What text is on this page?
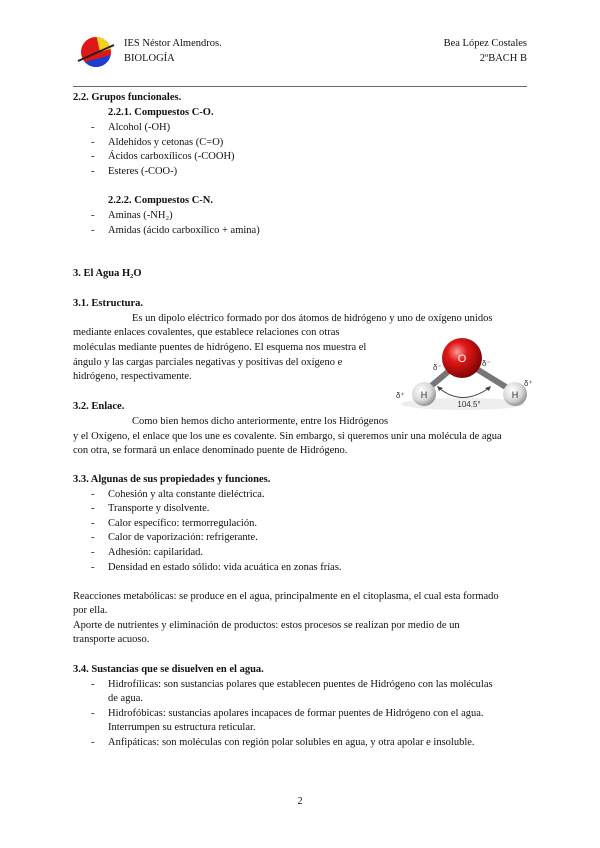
IES Néstor Almendros.
BIOLOGÍA
Bea López Costales
2ºBACH B
2.2. Grupos funcionales.
2.2.1. Compuestos C-O.
- Alcohol (-OH)
- Aldehídos y cetonas (C=O)
- Ácidos carboxílicos (-COOH)
- Esteres (-COO-)
2.2.2. Compuestos C-N.
- Aminas (-NH₂)
- Amidas (ácido carboxílico + amina)
3. El Agua H₂O
3.1. Estructura.
Es un dipolo eléctrico formado por dos átomos de hidrógeno y uno de oxígeno unidos
mediante enlaces covalentes, que establece relaciones con otras
moléculas mediante puentes de hidrógeno. El esquema nos muestra el
ángulo y las cargas parciales negativas y positivas del oxígeno e
hidrógeno, respectivamente.
O
H	H
δ⁻	δ⁻
δ⁺
δ⁺
104.5°
3.2. Enlace.
Como bien hemos dicho anteriormente, entre los Hidrógenos
y el Oxígeno, el enlace que los une es covalente. Sin embargo, si queremos unir una molécula de agua
con otra, se formará un enlace denominado puente de Hidrógeno.
3.3. Algunas de sus propiedades y funciones.
- Cohesión y alta constante dieléctrica.
- Transporte y disolvente.
- Calor específico: termorregulación.
- Calor de vaporización: refrigerante.
- Adhesión: capilaridad.
- Densidad en estado sólido: vida acuática en zonas frías.
Reacciones metabólicas: se produce en el agua, principalmente en el citoplasma, el cual esta formado
por ella.
Aporte de nutrientes y eliminación de productos: estos procesos se realizan por medio de un
transporte acuoso.
3.4. Sustancias que se disuelven en el agua.
- Hidrofílicas: son sustancias polares que establecen puentes de Hidrógeno con las moléculas
de agua.
- Hidrofóbicas: sustancias apolares incapaces de formar puentes de Hidrógeno con el agua.
Interrumpen su estructura reticular.
- Anfipáticas: son moléculas con región polar solubles en agua, y otra apolar e insoluble.
2
